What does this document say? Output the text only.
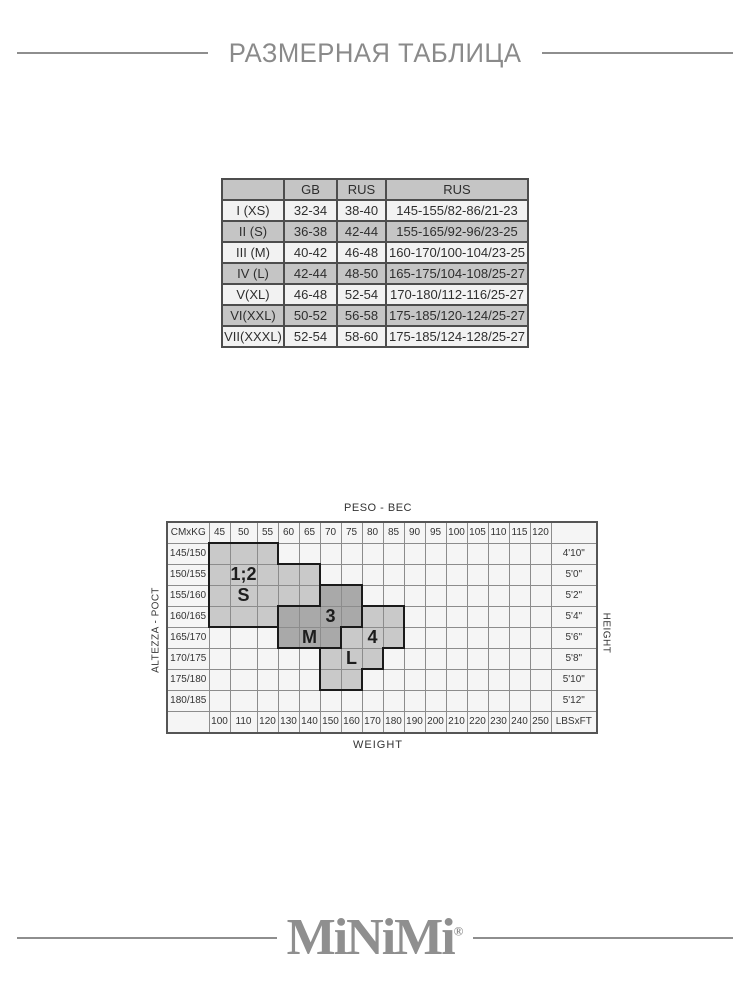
РАЗМЕРНАЯ ТАБЛИЦА
	GB	RUS	RUS
I (XS)	32-34	38-40	145-155/82-86/21-23
II (S)	36-38	42-44	155-165/92-96/23-25
III (M)	40-42	46-48	160-170/100-104/23-25
IV (L)	42-44	48-50	165-175/104-108/25-27
V(XL)	46-48	52-54	170-180/112-116/25-27
VI(XXL)	50-52	56-58	175-185/120-124/25-27
VII(XXXL)	52-54	58-60	175-185/124-128/25-27
PESO - ВЕС
ALTEZZA - РОСТ	HEIGHT
CMxKG	45	50	55	60	65	70	75	80	85	90	95	100	105	110	115	120	
145/150																	4'10"
150/155		1;2															5'0"
155/160		S															5'2"
160/165						3											5'4"
165/170					M			4									5'6"
170/175							L										5'8"
175/180																	5'10"
180/185																	5'12"
	100	110	120	130	140	150	160	170	180	190	200	210	220	230	240	250	LBSxFT
WEIGHT
MiNiMi®
